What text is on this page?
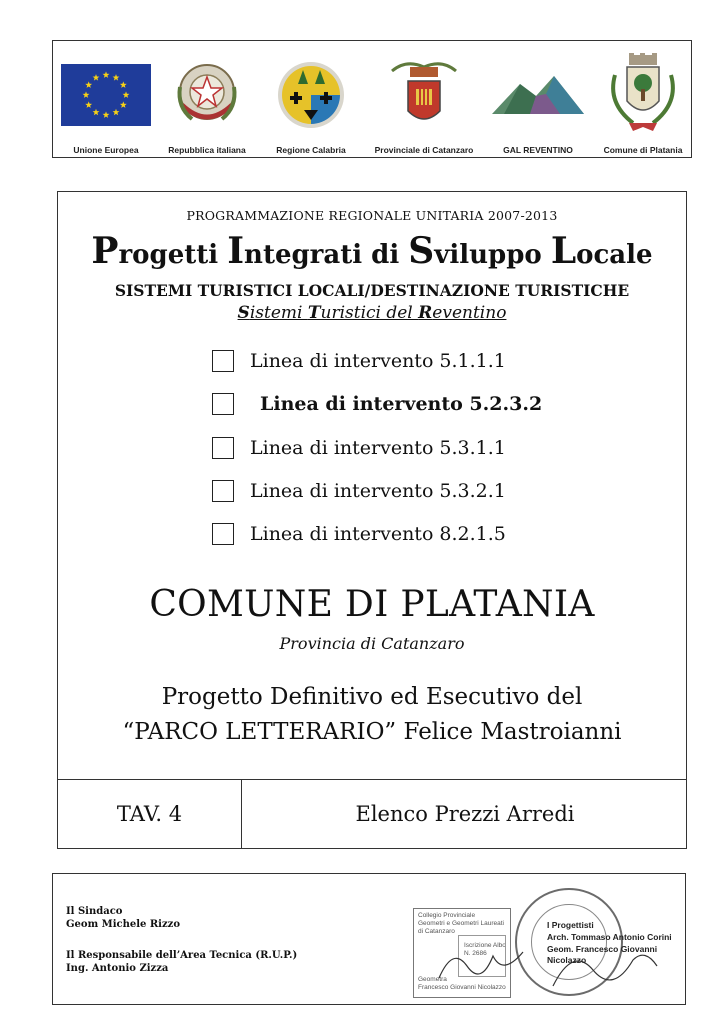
Unione Europea	Repubblica italiana	Regione Calabria	Provinciale di Catanzaro	GAL REVENTINO	Comune di Platania
PROGRAMMAZIONE REGIONALE UNITARIA 2007-2013
Progetti Integrati di Sviluppo Locale
SISTEMI TURISTICI LOCALI/DESTINAZIONE TURISTICHE
Sistemi Turistici del Reventino
Linea di intervento 5.1.1.1
Linea di intervento 5.2.3.2
Linea di intervento 5.3.1.1
Linea di intervento 5.3.2.1
Linea di intervento 8.2.1.5
COMUNE DI PLATANIA
Provincia di Catanzaro
Progetto Definitivo ed Esecutivo del
“PARCO LETTERARIO” Felice Mastroianni
TAV. 4	Elenco Prezzi Arredi
Il Sindaco
Geom Michele Rizzo
Il Responsabile dell’Area Tecnica (R.U.P.)
Ing. Antonio Zizza
Collegio Provinciale
Geometri e Geometri Laureati
di Catanzaro
Iscrizione Albo
N. 2686
Geometra
Francesco Giovanni Nicolazzo
I Progettisti
Arch. Tommaso Antonio Corini
Geom. Francesco Giovanni Nicolazzo
